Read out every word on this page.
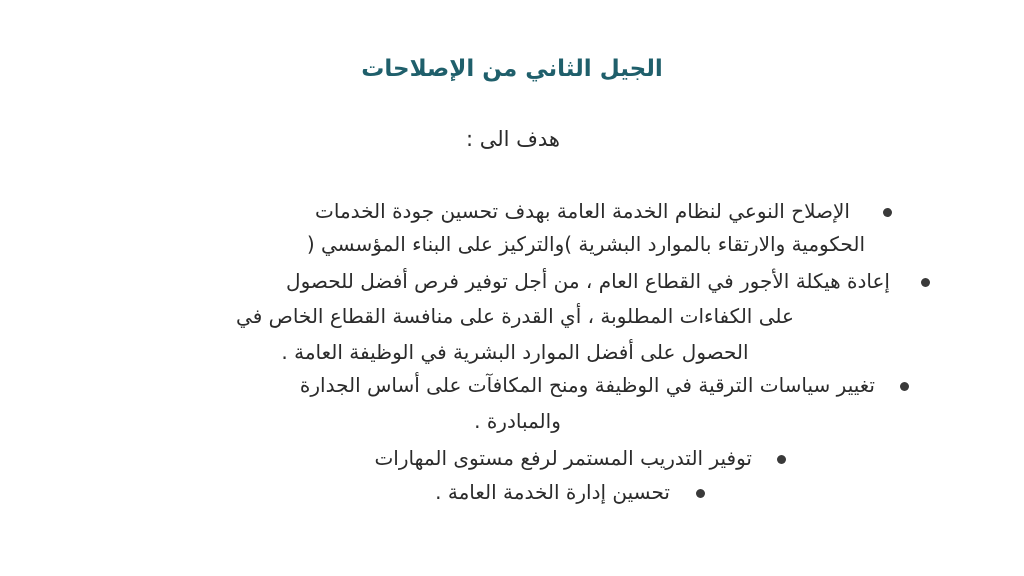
الجيل الثاني من الإصلاحات
هدف الى :
الإصلاح النوعي لنظام الخدمة العامة بهدف تحسين جودة الخدمات
الحكومية والارتقاء بالموارد البشرية )والتركيز على البناء المؤسسي (
إعادة هيكلة الأجور في القطاع العام ، من أجل توفير فرص أفضل للحصول
على الكفاءات المطلوبة ، أي القدرة على منافسة القطاع الخاص في
الحصول على أفضل الموارد البشرية في الوظيفة العامة .
تغيير سياسات الترقية في الوظيفة ومنح المكافآت على أساس الجدارة
والمبادرة .
توفير التدريب المستمر لرفع مستوى المهارات
تحسين إدارة الخدمة العامة .
